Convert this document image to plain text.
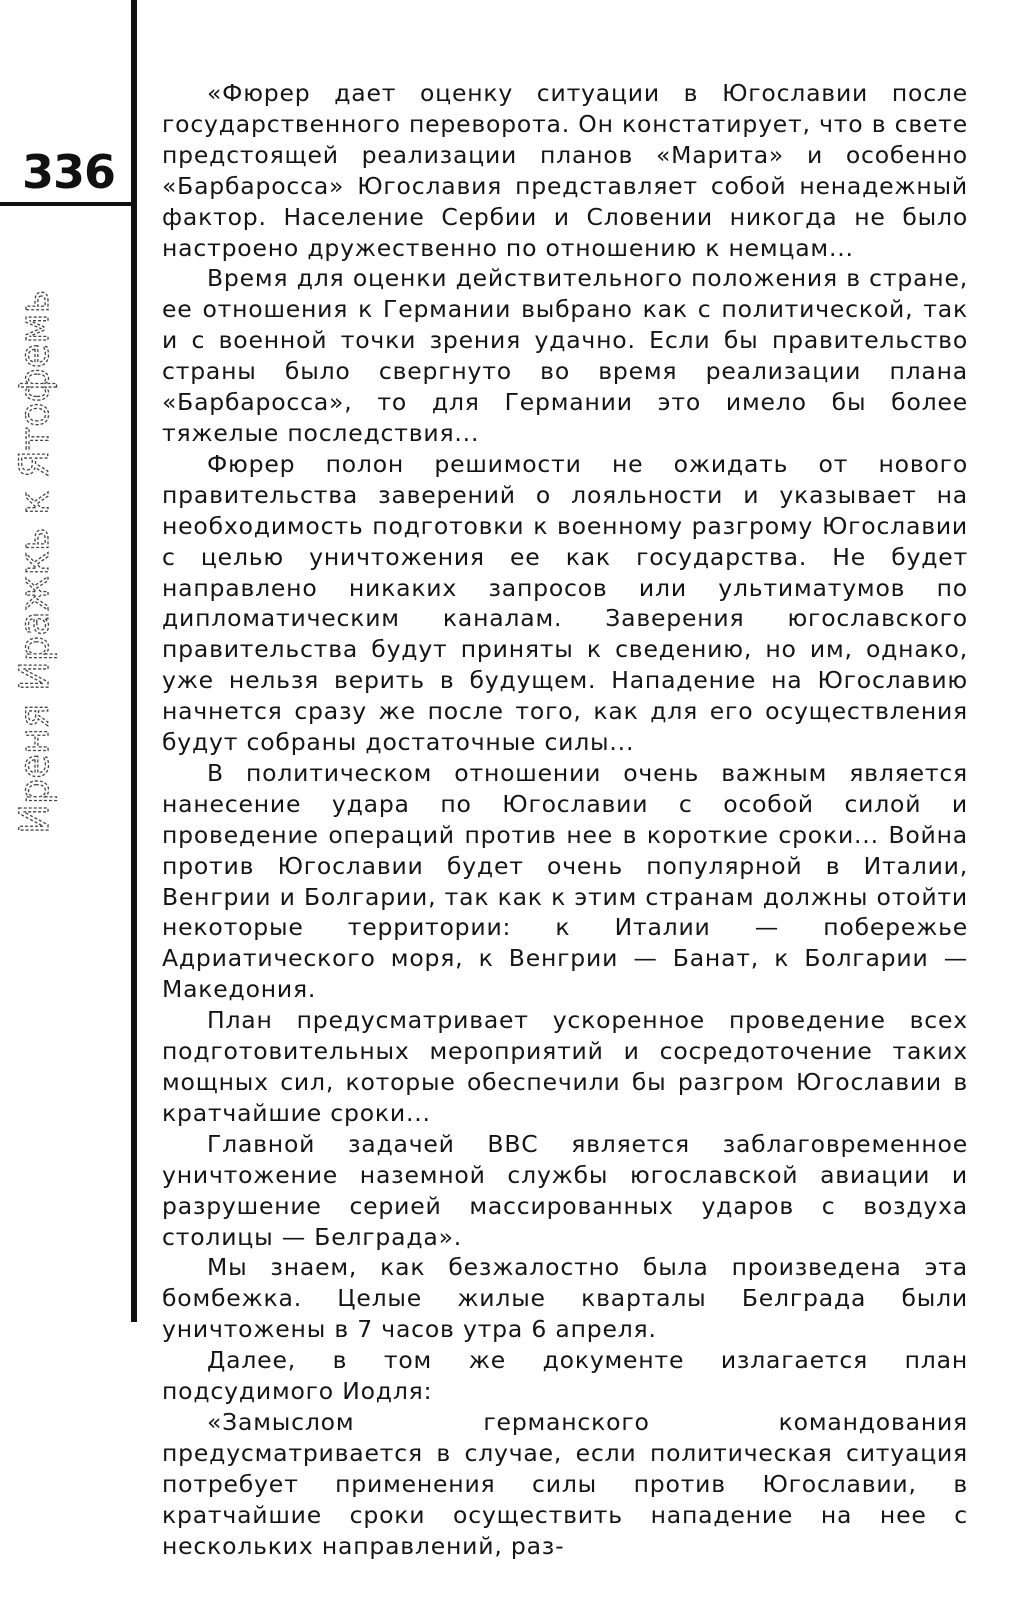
336
Иреня Иражкь к Ятофемь

«Фюрер дает оценку ситуации в Югославии после государственного переворота. Он констатирует, что в свете предстоящей реализации планов «Марита» и особенно «Барбаросса» Югославия представляет собой ненадежный фактор. Население Сербии и Словении никогда не было настроено дружественно по отношению к немцам...

Время для оценки действительного положения в стране, ее отношения к Германии выбрано как с политической, так и с военной точки зрения удачно. Если бы правительство страны было свергнуто во время реализации плана «Барбаросса», то для Германии это имело бы более тяжелые последствия...

Фюрер полон решимости не ожидать от нового правительства заверений о лояльности и указывает на необходимость подготовки к военному разгрому Югославии с целью уничтожения ее как государства. Не будет направлено никаких запросов или ультиматумов по дипломатическим каналам. Заверения югославского правительства будут приняты к сведению, но им, однако, уже нельзя верить в будущем. Нападение на Югославию начнется сразу же после того, как для его осуществления будут собраны достаточные силы...

В политическом отношении очень важным является нанесение удара по Югославии с особой силой и проведение операций против нее в короткие сроки... Война против Югославии будет очень популярной в Италии, Венгрии и Болгарии, так как к этим странам должны отойти некоторые территории: к Италии — побережье Адриатического моря, к Венгрии — Банат, к Болгарии — Македония.

План предусматривает ускоренное проведение всех подготовительных мероприятий и сосредоточение таких мощных сил, которые обеспечили бы разгром Югославии в кратчайшие сроки...

Главной задачей ВВС является заблаговременное уничтожение наземной службы югославской авиации и разрушение серией массированных ударов с воздуха столицы — Белграда».

Мы знаем, как безжалостно была произведена эта бомбежка. Целые жилые кварталы Белграда были уничтожены в 7 часов утра 6 апреля.

Далее, в том же документе излагается план подсудимого Иодля:

«Замыслом германского командования предусматривается в случае, если политическая ситуация потребует применения силы против Югославии, в кратчайшие сроки осуществить нападение на нее с нескольких направлений, раз-
